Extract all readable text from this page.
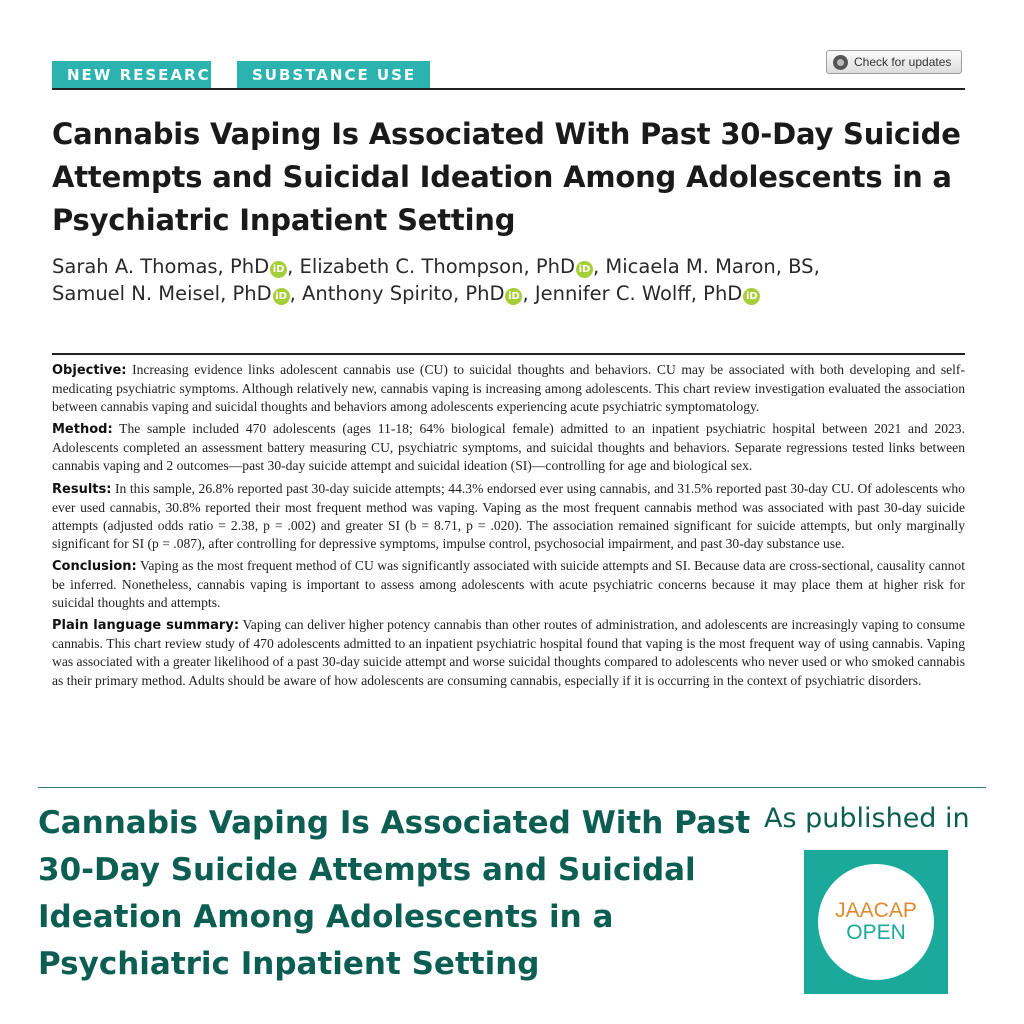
NEW RESEARCH	SUBSTANCE USE
Check for updates
Cannabis Vaping Is Associated With Past 30-Day Suicide Attempts and Suicidal Ideation Among Adolescents in a Psychiatric Inpatient Setting
Sarah A. Thomas, PhD iD , Elizabeth C. Thompson, PhD iD , Micaela M. Maron, BS,
Samuel N. Meisel, PhD iD , Anthony Spirito, PhD iD , Jennifer C. Wolff, PhD iD

Objective: Increasing evidence links adolescent cannabis use (CU) to suicidal thoughts and behaviors. CU may be associated with both developing and self-medicating psychiatric symptoms. Although relatively new, cannabis vaping is increasing among adolescents. This chart review investigation evaluated the association between cannabis vaping and suicidal thoughts and behaviors among adolescents experiencing acute psychiatric symptomatology.

Method: The sample included 470 adolescents (ages 11-18; 64% biological female) admitted to an inpatient psychiatric hospital between 2021 and 2023. Adolescents completed an assessment battery measuring CU, psychiatric symptoms, and suicidal thoughts and behaviors. Separate regressions tested links between cannabis vaping and 2 outcomes—past 30-day suicide attempt and suicidal ideation (SI)—controlling for age and biological sex.

Results: In this sample, 26.8% reported past 30-day suicide attempts; 44.3% endorsed ever using cannabis, and 31.5% reported past 30-day CU. Of adolescents who ever used cannabis, 30.8% reported their most frequent method was vaping. Vaping as the most frequent cannabis method was associated with past 30-day suicide attempts (adjusted odds ratio = 2.38, p = .002) and greater SI (b = 8.71, p = .020). The association remained significant for suicide attempts, but only marginally significant for SI (p = .087), after controlling for depressive symptoms, impulse control, psychosocial impairment, and past 30-day substance use.

Conclusion: Vaping as the most frequent method of CU was significantly associated with suicide attempts and SI. Because data are cross-sectional, causality cannot be inferred. Nonetheless, cannabis vaping is important to assess among adolescents with acute psychiatric concerns because it may place them at higher risk for suicidal thoughts and attempts.

Plain language summary: Vaping can deliver higher potency cannabis than other routes of administration, and adolescents are increasingly vaping to consume cannabis. This chart review study of 470 adolescents admitted to an inpatient psychiatric hospital found that vaping is the most frequent way of using cannabis. Vaping was associated with a greater likelihood of a past 30-day suicide attempt and worse suicidal thoughts compared to adolescents who never used or who smoked cannabis as their primary method. Adults should be aware of how adolescents are consuming cannabis, especially if it is occurring in the context of psychiatric disorders.

Cannabis Vaping Is Associated With Past 30-Day Suicide Attempts and Suicidal Ideation Among Adolescents in a Psychiatric Inpatient Setting
As published in
JAACAP
OPEN
